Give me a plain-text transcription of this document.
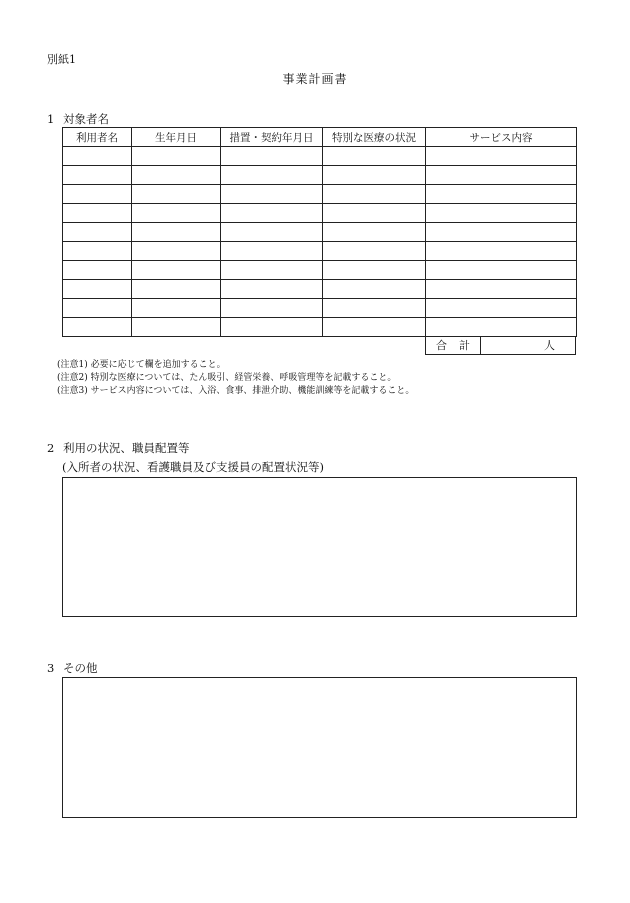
別紙1
事業計画書
1 対象者名
利用者名	生年月日	措置・契約年月日	特別な医療の状況	サービス内容

合 計	人
(注意1) 必要に応じて欄を追加すること。
(注意2) 特別な医療については、たん吸引、経管栄養、呼吸管理等を記載すること。
(注意3) サービス内容については、入浴、食事、排泄介助、機能訓練等を記載すること。
2 利用の状況、職員配置等
(入所者の状況、看護職員及び支援員の配置状況等)
3 その他
